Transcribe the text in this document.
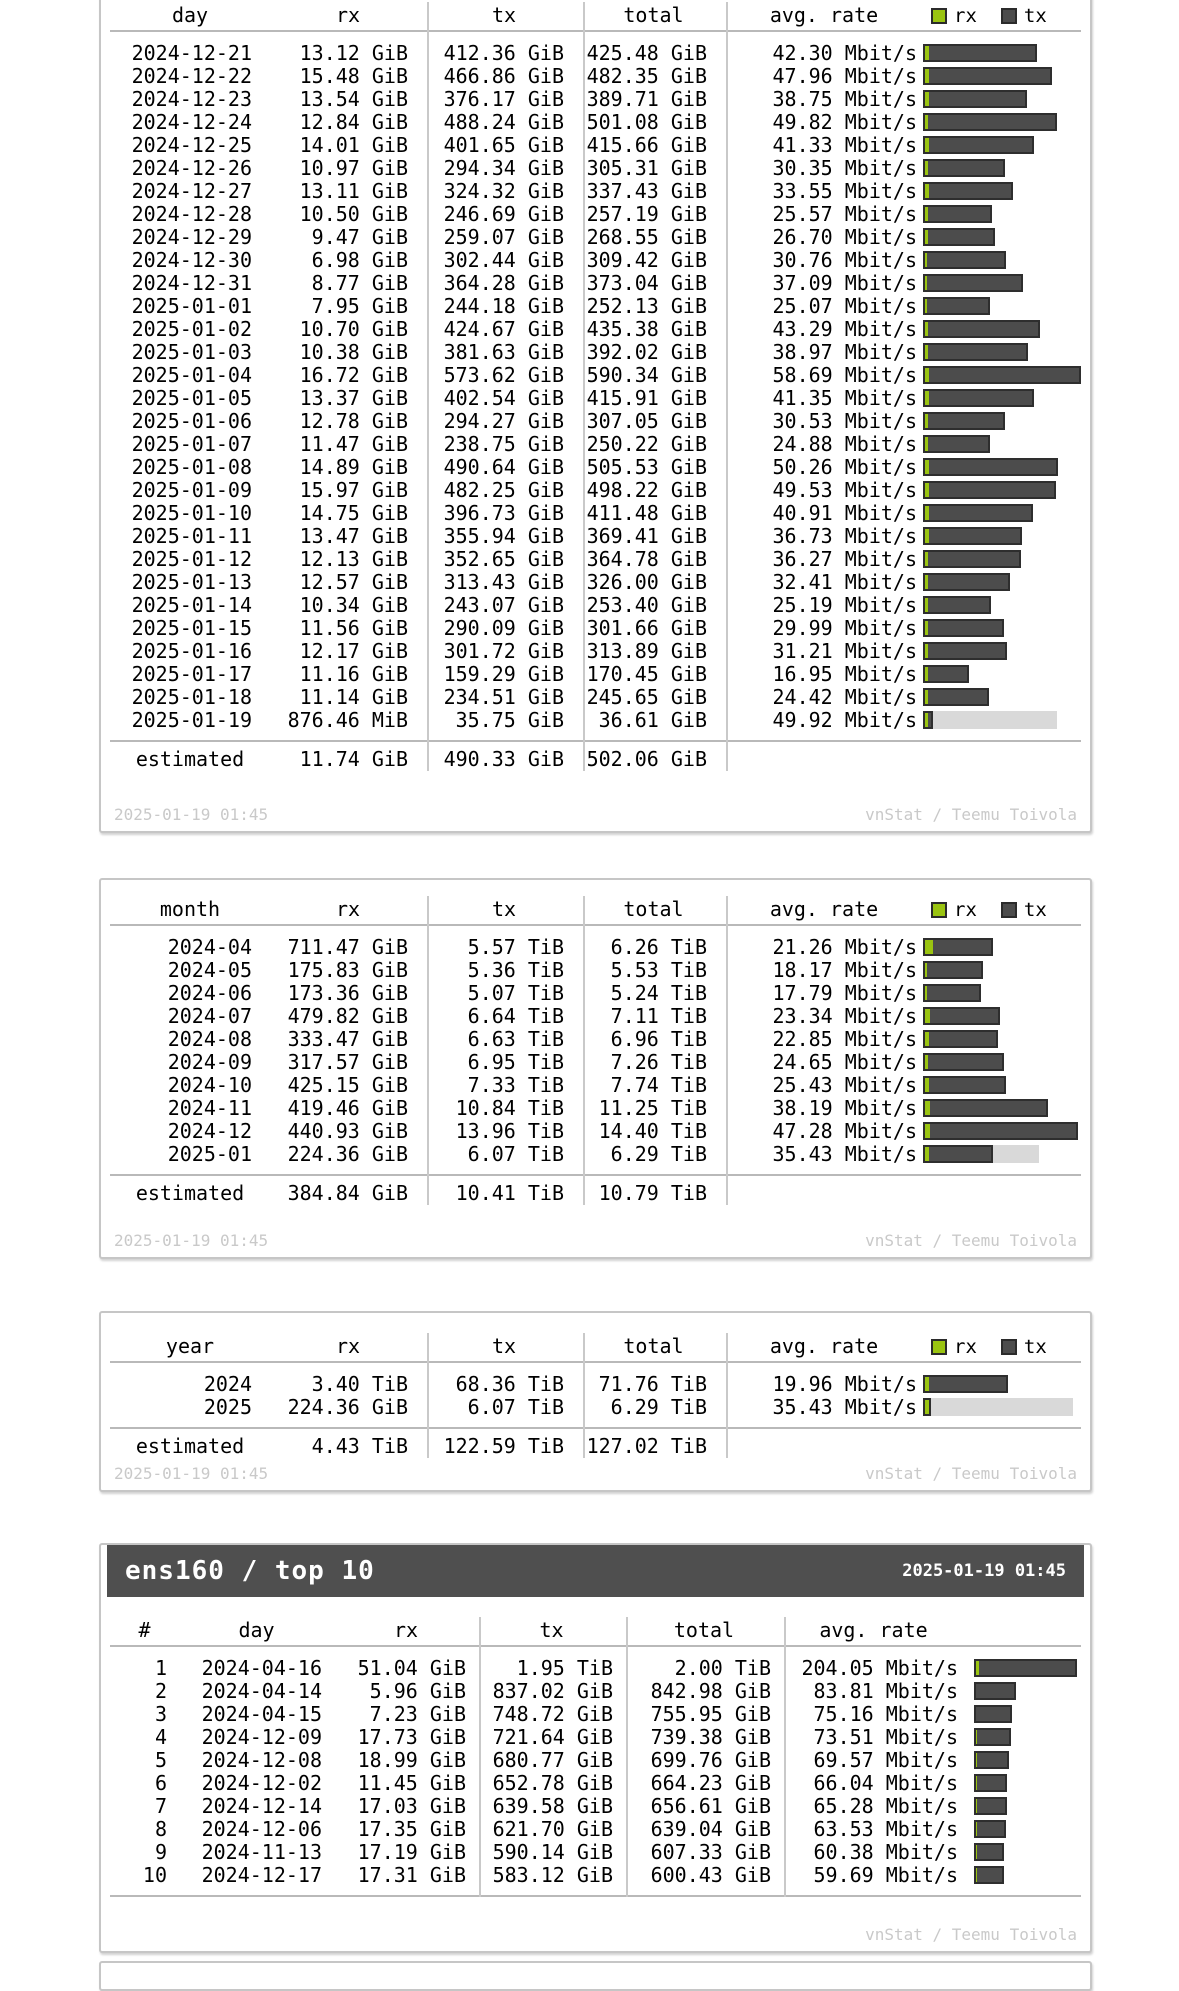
day	rx	tx	total	avg. rate	rx tx
2024-12-21	13.12 GiB	412.36 GiB	425.48 GiB	42.30 Mbit/s
2024-12-22	15.48 GiB	466.86 GiB	482.35 GiB	47.96 Mbit/s
2024-12-23	13.54 GiB	376.17 GiB	389.71 GiB	38.75 Mbit/s
2024-12-24	12.84 GiB	488.24 GiB	501.08 GiB	49.82 Mbit/s
2024-12-25	14.01 GiB	401.65 GiB	415.66 GiB	41.33 Mbit/s
2024-12-26	10.97 GiB	294.34 GiB	305.31 GiB	30.35 Mbit/s
2024-12-27	13.11 GiB	324.32 GiB	337.43 GiB	33.55 Mbit/s
2024-12-28	10.50 GiB	246.69 GiB	257.19 GiB	25.57 Mbit/s
2024-12-29	9.47 GiB	259.07 GiB	268.55 GiB	26.70 Mbit/s
2024-12-30	6.98 GiB	302.44 GiB	309.42 GiB	30.76 Mbit/s
2024-12-31	8.77 GiB	364.28 GiB	373.04 GiB	37.09 Mbit/s
2025-01-01	7.95 GiB	244.18 GiB	252.13 GiB	25.07 Mbit/s
2025-01-02	10.70 GiB	424.67 GiB	435.38 GiB	43.29 Mbit/s
2025-01-03	10.38 GiB	381.63 GiB	392.02 GiB	38.97 Mbit/s
2025-01-04	16.72 GiB	573.62 GiB	590.34 GiB	58.69 Mbit/s
2025-01-05	13.37 GiB	402.54 GiB	415.91 GiB	41.35 Mbit/s
2025-01-06	12.78 GiB	294.27 GiB	307.05 GiB	30.53 Mbit/s
2025-01-07	11.47 GiB	238.75 GiB	250.22 GiB	24.88 Mbit/s
2025-01-08	14.89 GiB	490.64 GiB	505.53 GiB	50.26 Mbit/s
2025-01-09	15.97 GiB	482.25 GiB	498.22 GiB	49.53 Mbit/s
2025-01-10	14.75 GiB	396.73 GiB	411.48 GiB	40.91 Mbit/s
2025-01-11	13.47 GiB	355.94 GiB	369.41 GiB	36.73 Mbit/s
2025-01-12	12.13 GiB	352.65 GiB	364.78 GiB	36.27 Mbit/s
2025-01-13	12.57 GiB	313.43 GiB	326.00 GiB	32.41 Mbit/s
2025-01-14	10.34 GiB	243.07 GiB	253.40 GiB	25.19 Mbit/s
2025-01-15	11.56 GiB	290.09 GiB	301.66 GiB	29.99 Mbit/s
2025-01-16	12.17 GiB	301.72 GiB	313.89 GiB	31.21 Mbit/s
2025-01-17	11.16 GiB	159.29 GiB	170.45 GiB	16.95 Mbit/s
2025-01-18	11.14 GiB	234.51 GiB	245.65 GiB	24.42 Mbit/s
2025-01-19	876.46 MiB	35.75 GiB	36.61 GiB	49.92 Mbit/s
estimated	11.74 GiB	490.33 GiB	502.06 GiB
2025-01-19 01:45	vnStat / Teemu Toivola
month	rx	tx	total	avg. rate	rx tx
2024-04	711.47 GiB	5.57 TiB	6.26 TiB	21.26 Mbit/s
2024-05	175.83 GiB	5.36 TiB	5.53 TiB	18.17 Mbit/s
2024-06	173.36 GiB	5.07 TiB	5.24 TiB	17.79 Mbit/s
2024-07	479.82 GiB	6.64 TiB	7.11 TiB	23.34 Mbit/s
2024-08	333.47 GiB	6.63 TiB	6.96 TiB	22.85 Mbit/s
2024-09	317.57 GiB	6.95 TiB	7.26 TiB	24.65 Mbit/s
2024-10	425.15 GiB	7.33 TiB	7.74 TiB	25.43 Mbit/s
2024-11	419.46 GiB	10.84 TiB	11.25 TiB	38.19 Mbit/s
2024-12	440.93 GiB	13.96 TiB	14.40 TiB	47.28 Mbit/s
2025-01	224.36 GiB	6.07 TiB	6.29 TiB	35.43 Mbit/s
estimated	384.84 GiB	10.41 TiB	10.79 TiB
2025-01-19 01:45	vnStat / Teemu Toivola
year	rx	tx	total	avg. rate	rx tx
2024	3.40 TiB	68.36 TiB	71.76 TiB	19.96 Mbit/s
2025	224.36 GiB	6.07 TiB	6.29 TiB	35.43 Mbit/s
estimated	4.43 TiB	122.59 TiB	127.02 TiB
2025-01-19 01:45	vnStat / Teemu Toivola
ens160 / top 10	2025-01-19 01:45
#	day	rx	tx	total	avg. rate
1	2024-04-16	51.04 GiB	1.95 TiB	2.00 TiB	204.05 Mbit/s
2	2024-04-14	5.96 GiB	837.02 GiB	842.98 GiB	83.81 Mbit/s
3	2024-04-15	7.23 GiB	748.72 GiB	755.95 GiB	75.16 Mbit/s
4	2024-12-09	17.73 GiB	721.64 GiB	739.38 GiB	73.51 Mbit/s
5	2024-12-08	18.99 GiB	680.77 GiB	699.76 GiB	69.57 Mbit/s
6	2024-12-02	11.45 GiB	652.78 GiB	664.23 GiB	66.04 Mbit/s
7	2024-12-14	17.03 GiB	639.58 GiB	656.61 GiB	65.28 Mbit/s
8	2024-12-06	17.35 GiB	621.70 GiB	639.04 GiB	63.53 Mbit/s
9	2024-11-13	17.19 GiB	590.14 GiB	607.33 GiB	60.38 Mbit/s
10	2024-12-17	17.31 GiB	583.12 GiB	600.43 GiB	59.69 Mbit/s
vnStat / Teemu Toivola
